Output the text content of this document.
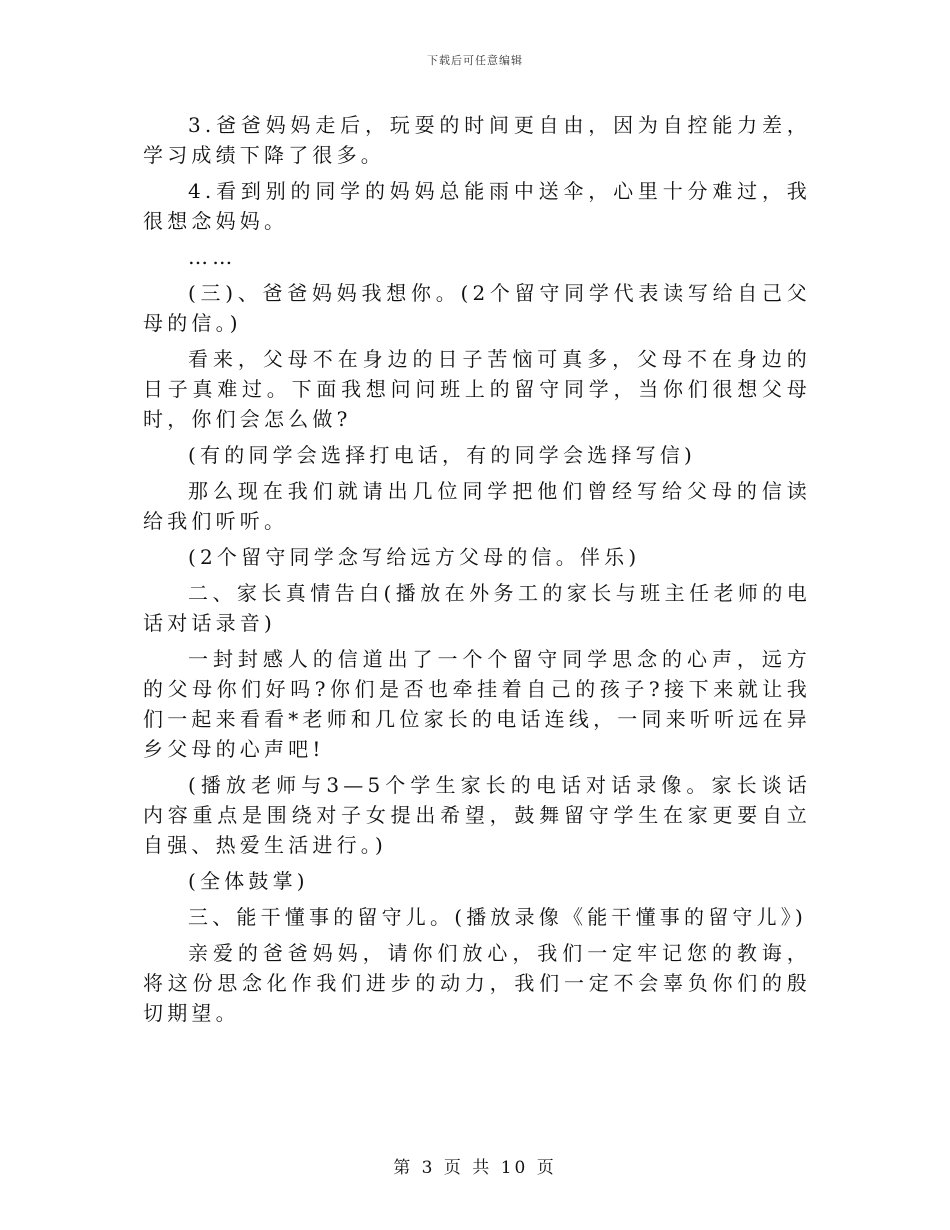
下载后可任意编辑

3.爸爸妈妈走后，玩耍的时间更自由，因为自控能力差，学习成绩下降了很多。

4.看到别的同学的妈妈总能雨中送伞，心里十分难过，我很想念妈妈。

……

(三)、爸爸妈妈我想你。(2个留守同学代表读写给自己父母的信。)

看来，父母不在身边的日子苦恼可真多，父母不在身边的日子真难过。下面我想问问班上的留守同学，当你们很想父母时，你们会怎么做?

(有的同学会选择打电话，有的同学会选择写信)

那么现在我们就请出几位同学把他们曾经写给父母的信读给我们听听。

(2个留守同学念写给远方父母的信。伴乐)

二、家长真情告白(播放在外务工的家长与班主任老师的电话对话录音)

一封封感人的信道出了一个个留守同学思念的心声，远方的父母你们好吗?你们是否也牵挂着自己的孩子?接下来就让我们一起来看看*老师和几位家长的电话连线，一同来听听远在异乡父母的心声吧!

(播放老师与3—5个学生家长的电话对话录像。家长谈话内容重点是围绕对子女提出希望，鼓舞留守学生在家更要自立自强、热爱生活进行。)

(全体鼓掌)

三、能干懂事的留守儿。(播放录像《能干懂事的留守儿》)

亲爱的爸爸妈妈，请你们放心，我们一定牢记您的教诲，将这份思念化作我们进步的动力，我们一定不会辜负你们的殷切期望。

第 3 页 共 10 页
